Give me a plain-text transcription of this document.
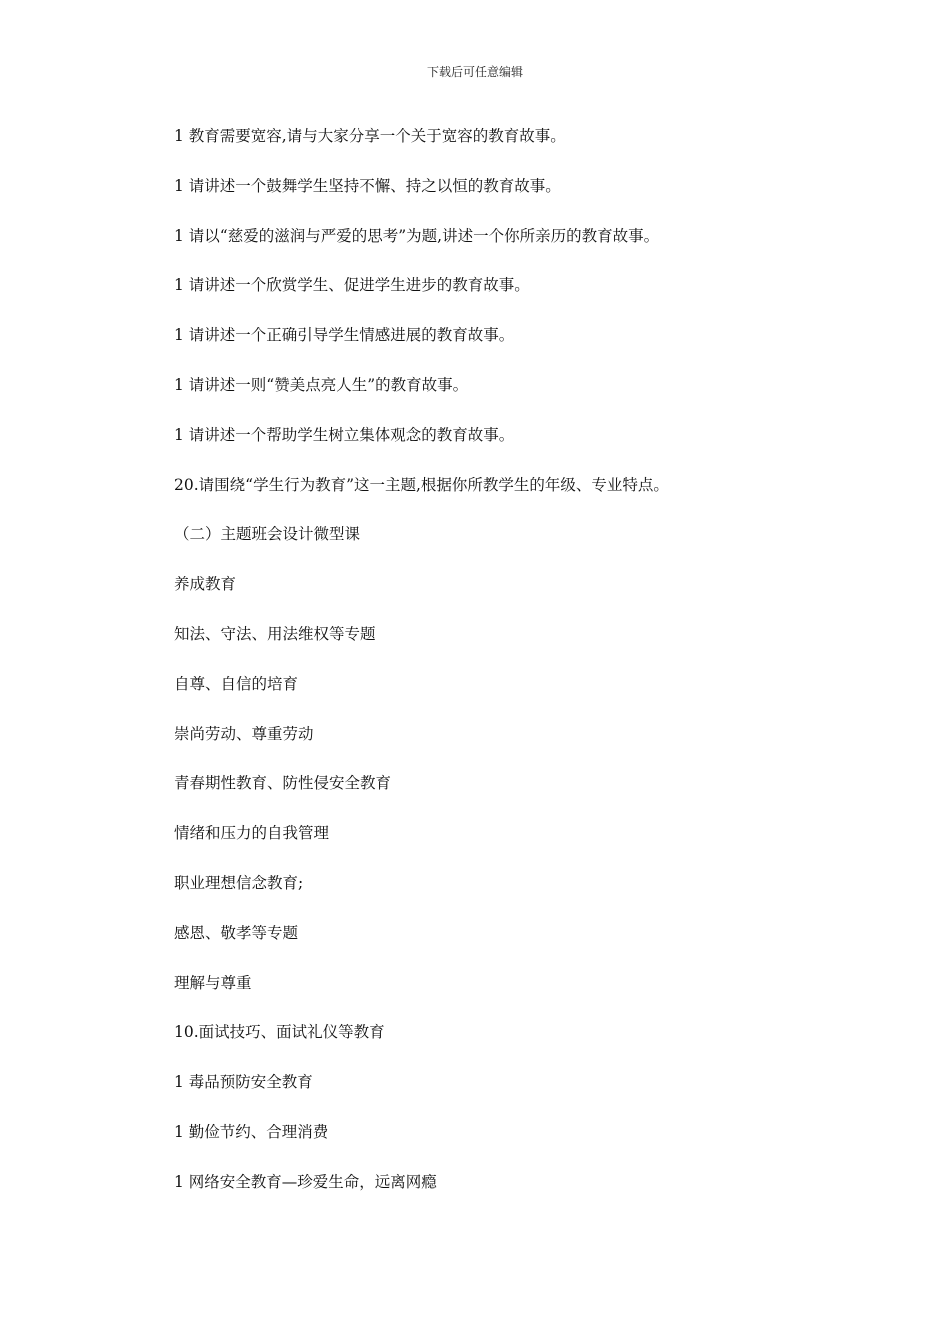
下载后可任意编辑
1 教育需要宽容,请与大家分享一个关于宽容的教育故事。
1 请讲述一个鼓舞学生坚持不懈、持之以恒的教育故事。
1 请以“慈爱的滋润与严爱的思考”为题,讲述一个你所亲历的教育故事。
1 请讲述一个欣赏学生、促进学生进步的教育故事。
1 请讲述一个正确引导学生情感进展的教育故事。
1 请讲述一则“赞美点亮人生”的教育故事。
1 请讲述一个帮助学生树立集体观念的教育故事。
20.请围绕“学生行为教育”这一主题,根据你所教学生的年级、专业特点。
（二）主题班会设计微型课
养成教育
知法、守法、用法维权等专题
自尊、自信的培育
崇尚劳动、尊重劳动
青春期性教育、防性侵安全教育
情绪和压力的自我管理
职业理想信念教育;
感恩、敬孝等专题
理解与尊重
10.面试技巧、面试礼仪等教育
1 毒品预防安全教育
1 勤俭节约、合理消费
1 网络安全教育—珍爱生命，远离网瘾
